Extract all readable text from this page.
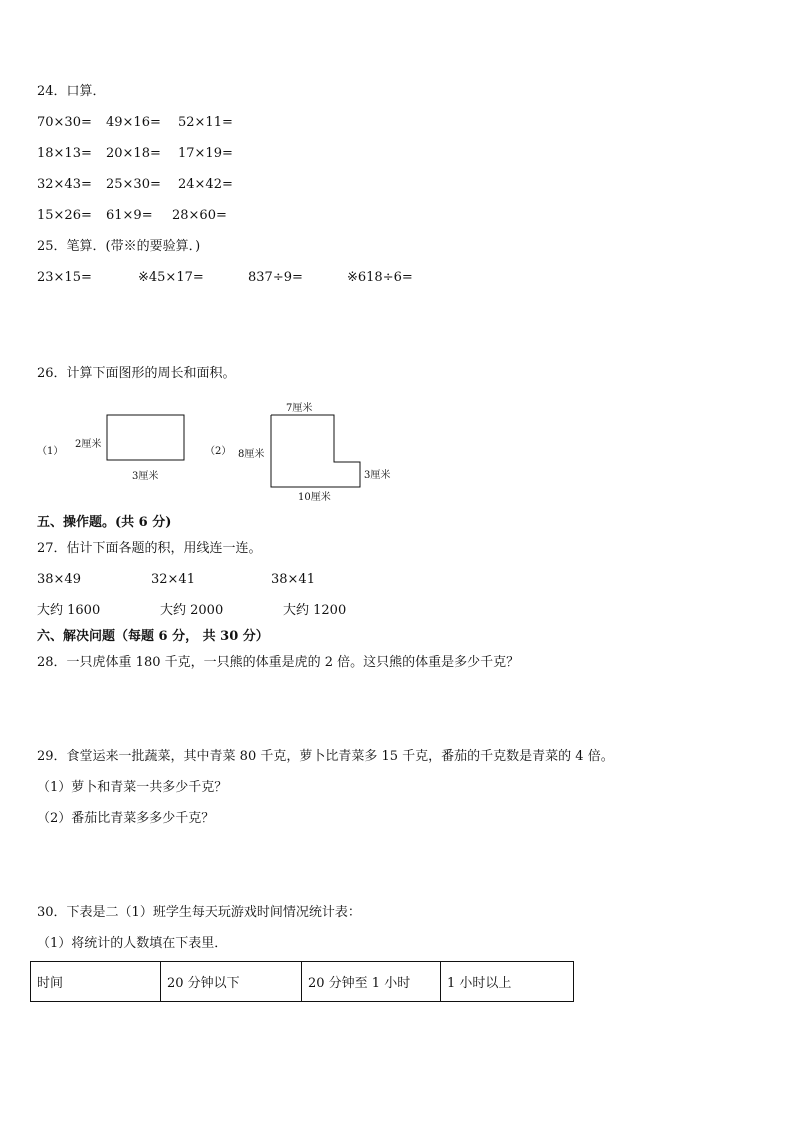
24．口算．
70×30= 49×16= 52×11=
18×13= 20×18= 17×19=
32×43= 25×30= 24×42=
15×26= 61×9= 28×60=
25．笔算．(带※的要验算．)
23×15=	※45×17=	837÷9=	※618÷6=
26．计算下面图形的周长和面积。
（1）
2厘米
3厘米
（2）
7厘米
8厘米
3厘米
10厘米
五、操作题。(共 6 分)
27．估计下面各题的积，用线连一连。
38×49	32×41	38×41
大约 1600	大约 2000	大约 1200
六、解决问题（每题 6 分， 共 30 分）
28．一只虎体重 180 千克，一只熊的体重是虎的 2 倍。这只熊的体重是多少千克？
29．食堂运来一批蔬菜，其中青菜 80 千克，萝卜比青菜多 15 千克，番茄的千克数是青菜的 4 倍。
（1）萝卜和青菜一共多少千克？
（2）番茄比青菜多多少千克？
30．下表是二（1）班学生每天玩游戏时间情况统计表：
（1）将统计的人数填在下表里．
时间	20 分钟以下	20 分钟至 1 小时	1 小时以上
